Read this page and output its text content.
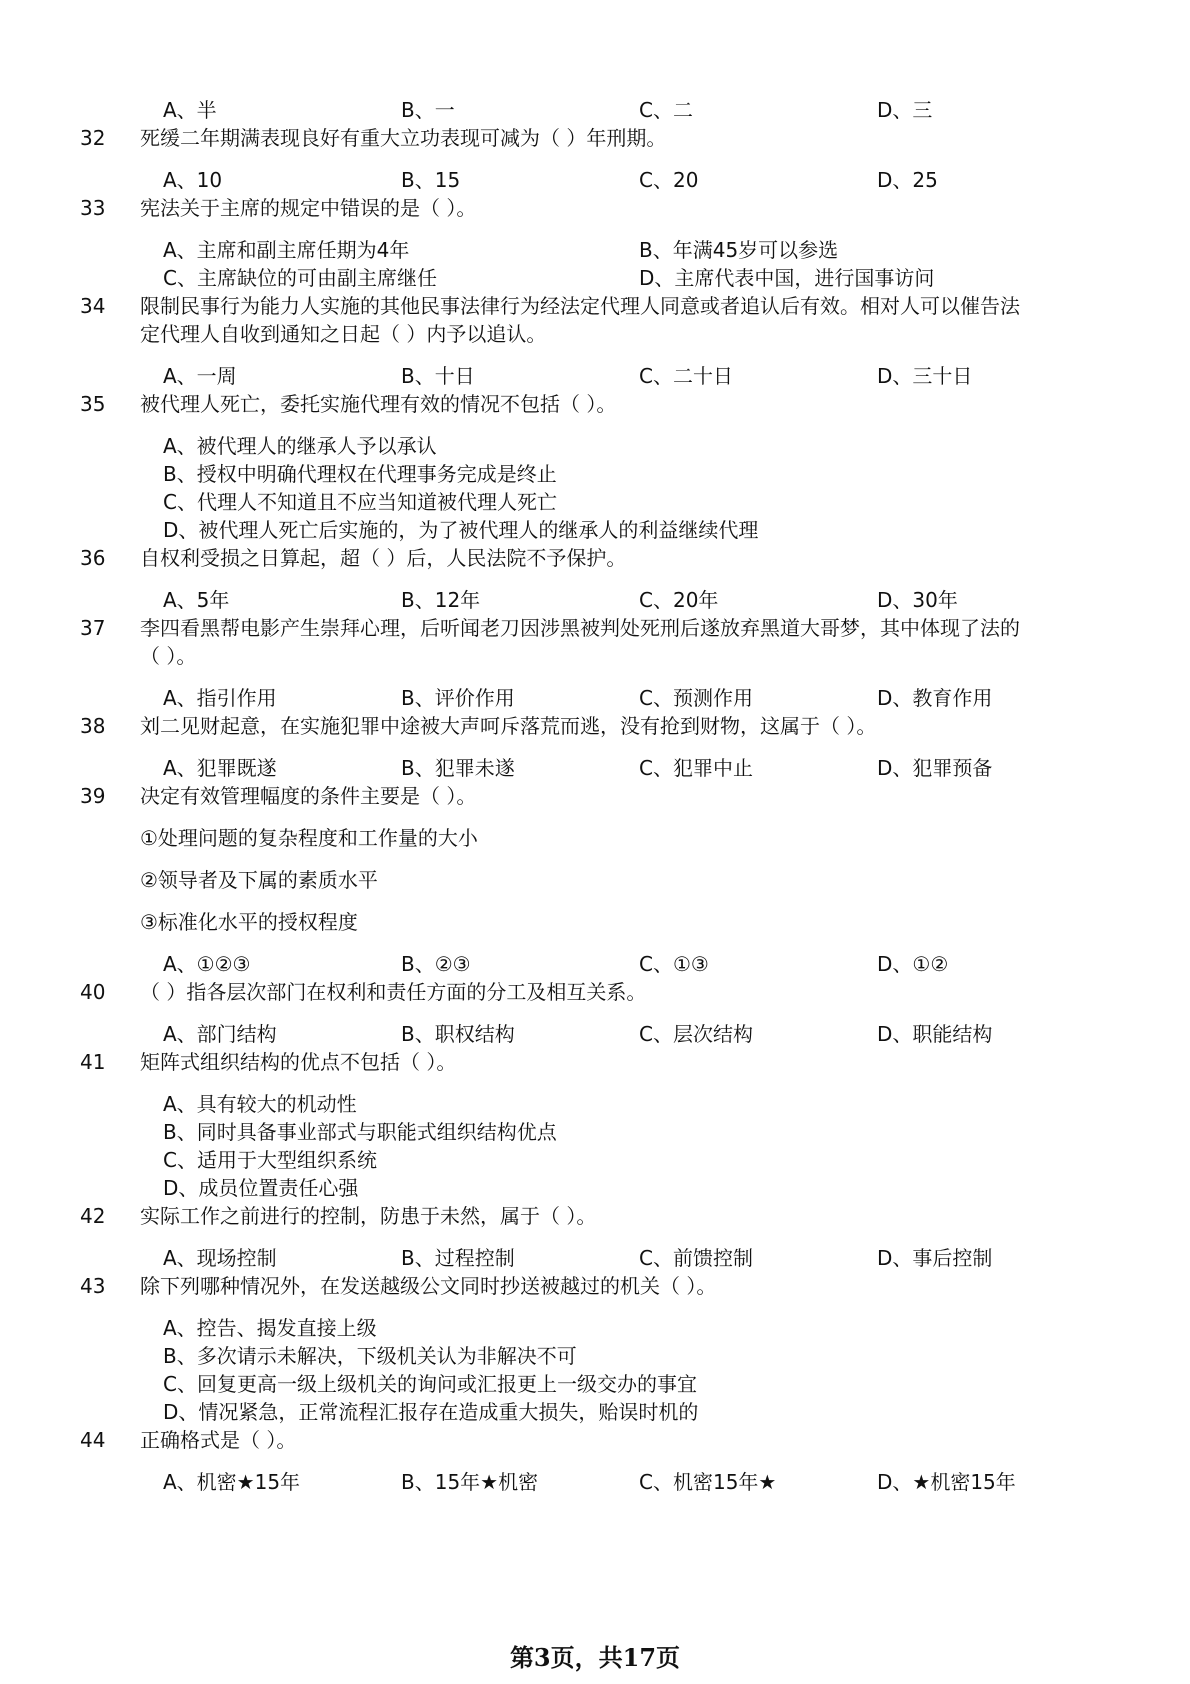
A、半	B、一	C、二	D、三
32	死缓二年期满表现良好有重大立功表现可减为（ ）年刑期。
A、10	B、15	C、20	D、25
33	宪法关于主席的规定中错误的是（ ）。
A、主席和副主席任期为4年	B、年满45岁可以参选
C、主席缺位的可由副主席继任	D、主席代表中国，进行国事访问
34	限制民事行为能力人实施的其他民事法律行为经法定代理人同意或者追认后有效。相对人可以催告法
定代理人自收到通知之日起（ ）内予以追认。
A、一周	B、十日	C、二十日	D、三十日
35	被代理人死亡，委托实施代理有效的情况不包括（ ）。
A、被代理人的继承人予以承认
B、授权中明确代理权在代理事务完成是终止
C、代理人不知道且不应当知道被代理人死亡
D、被代理人死亡后实施的，为了被代理人的继承人的利益继续代理
36	自权利受损之日算起，超（ ）后，人民法院不予保护。
A、5年	B、12年	C、20年	D、30年
37	李四看黑帮电影产生崇拜心理，后听闻老刀因涉黑被判处死刑后遂放弃黑道大哥梦，其中体现了法的
（ ）。
A、指引作用	B、评价作用	C、预测作用	D、教育作用
38	刘二见财起意，在实施犯罪中途被大声呵斥落荒而逃，没有抢到财物，这属于（ ）。
A、犯罪既遂	B、犯罪未遂	C、犯罪中止	D、犯罪预备
39	决定有效管理幅度的条件主要是（ ）。
①处理问题的复杂程度和工作量的大小
②领导者及下属的素质水平
③标准化水平的授权程度
A、①②③	B、②③	C、①③	D、①②
40	（ ）指各层次部门在权利和责任方面的分工及相互关系。
A、部门结构	B、职权结构	C、层次结构	D、职能结构
41	矩阵式组织结构的优点不包括（ ）。
A、具有较大的机动性
B、同时具备事业部式与职能式组织结构优点
C、适用于大型组织系统
D、成员位置责任心强
42	实际工作之前进行的控制，防患于未然，属于（ ）。
A、现场控制	B、过程控制	C、前馈控制	D、事后控制
43	除下列哪种情况外，在发送越级公文同时抄送被越过的机关（ ）。
A、控告、揭发直接上级
B、多次请示未解决，下级机关认为非解决不可
C、回复更高一级上级机关的询问或汇报更上一级交办的事宜
D、情况紧急，正常流程汇报存在造成重大损失，贻误时机的
44	正确格式是（ ）。
A、机密★15年	B、15年★机密	C、机密15年★	D、★机密15年
第3页，共17页
